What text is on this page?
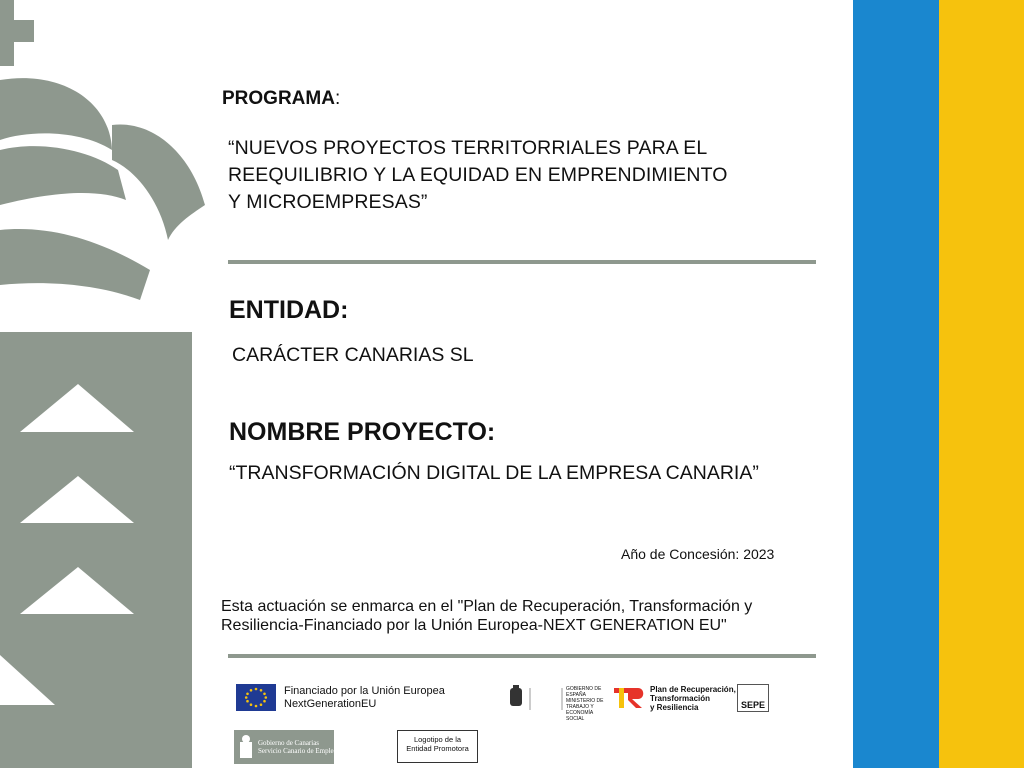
PROGRAMA:
“NUEVOS PROYECTOS TERRITORRIALES PARA EL
REEQUILIBRIO Y LA EQUIDAD EN EMPRENDIMIENTO
Y MICROEMPRESAS”
ENTIDAD:
CARÁCTER CANARIAS SL
NOMBRE PROYECTO:
“TRANSFORMACIÓN DIGITAL DE LA EMPRESA CANARIA”
Año de Concesión: 2023
Esta actuación se enmarca en el "Plan de Recuperación, Transformación y
Resiliencia-Financiado por la Unión Europea-NEXT GENERATION EU"
Financiado por la Unión Europea
NextGenerationEU
GOBIERNO DE ESPAÑA MINISTERIO DE TRABAJO Y ECONOMÍA SOCIAL
Plan de Recuperación,
Transformación
y Resiliencia	SEPE
Gobierno de Canarias
Servicio Canario de Empleo
Logotipo de la
Entidad Promotora
